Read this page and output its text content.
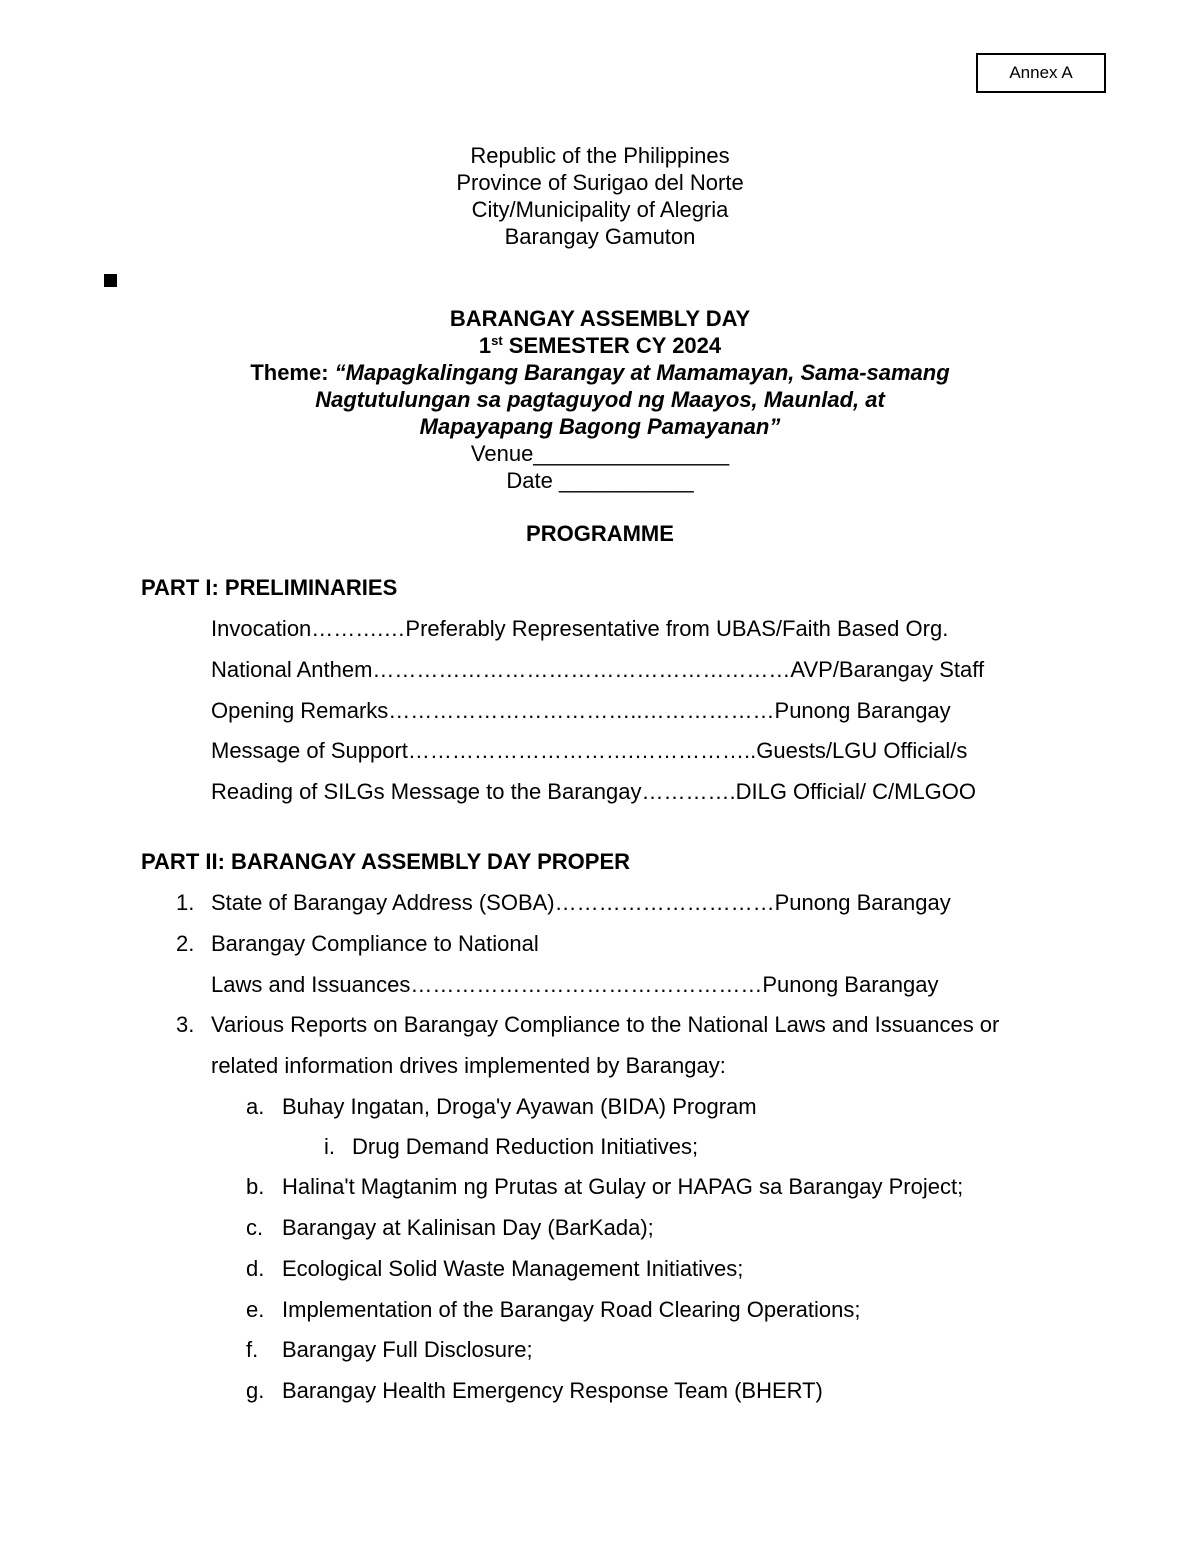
Annex A
Republic of the Philippines
Province of Surigao del Norte
City/Municipality of Alegria
Barangay Gamuton
BARANGAY ASSEMBLY DAY
1st SEMESTER CY 2024
Theme: “Mapagkalingang Barangay at Mamamayan, Sama-samang
Nagtutulungan sa pagtaguyod ng Maayos, Maunlad, at
Mapayapang Bagong Pamayanan”
Venue________________
Date ___________
PROGRAMME
PART I: PRELIMINARIES
Invocation……….…Preferably Representative from UBAS/Faith Based Org.
National Anthem…………………………………………………AVP/Barangay Staff
Opening Remarks……………………………..………………Punong Barangay
Message of Support………………………….……………..Guests/LGU Official/s
Reading of SILGs Message to the Barangay………….DILG Official/ C/MLGOO
PART II: BARANGAY ASSEMBLY DAY PROPER
1. State of Barangay Address (SOBA)…………………………Punong Barangay
2. Barangay Compliance to National
Laws and Issuances…………………………………………Punong Barangay
3. Various Reports on Barangay Compliance to the National Laws and Issuances or
related information drives implemented by Barangay:
a. Buhay Ingatan, Droga'y Ayawan (BIDA) Program
i. Drug Demand Reduction Initiatives;
b. Halina't Magtanim ng Prutas at Gulay or HAPAG sa Barangay Project;
c. Barangay at Kalinisan Day (BarKada);
d. Ecological Solid Waste Management Initiatives;
e. Implementation of the Barangay Road Clearing Operations;
f. Barangay Full Disclosure;
g. Barangay Health Emergency Response Team (BHERT)
